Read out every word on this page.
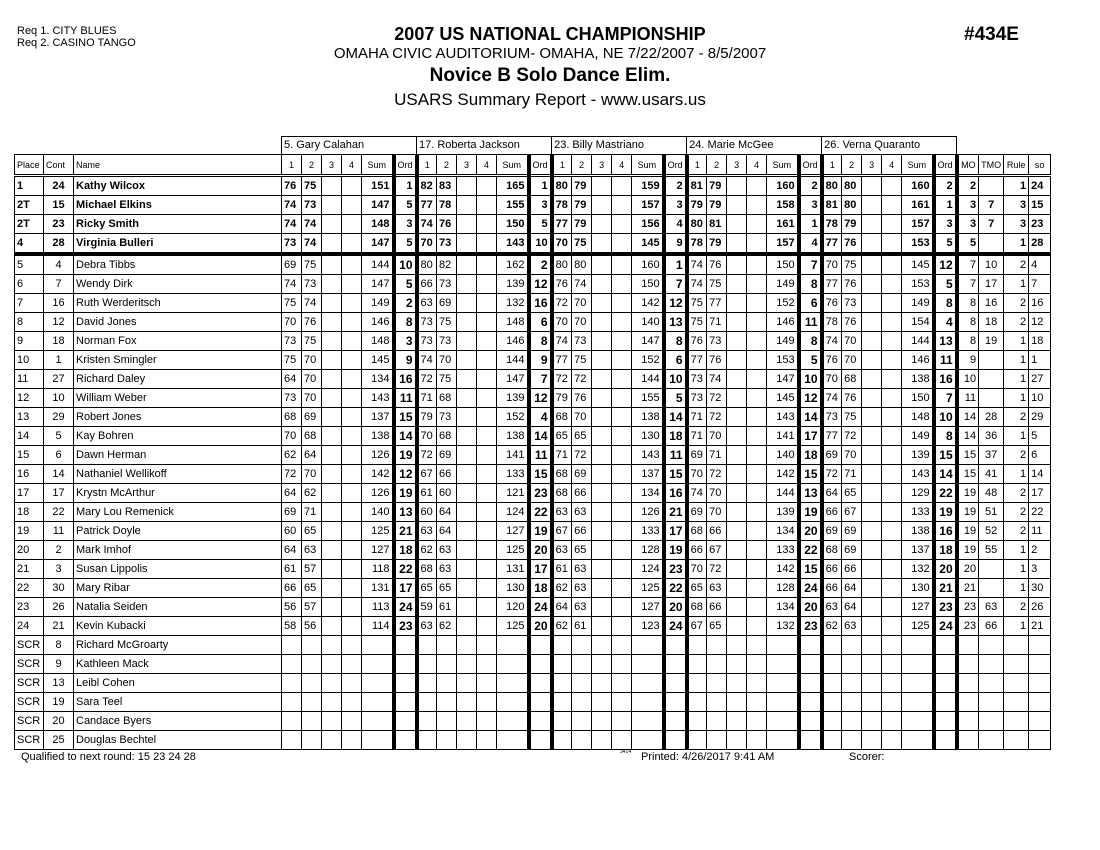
Req 1. CITY BLUES
Req 2. CASINO TANGO	2007 US NATIONAL CHAMPIONSHIP
OMAHA CIVIC AUDITORIUM- OMAHA, NE 7/22/2007 - 8/5/2007
Novice B Solo Dance Elim.
USARS Summary Report - www.usars.us
#434E
			5. Gary Calahan						17. Roberta Jackson						23. Billy Mastriano						24. Marie McGee						26. Verna Quaranto									
Place	Cont	Name	1	2	3	4	Sum	Ord	1	2	3	4	Sum	Ord	1	2	3	4	Sum	Ord	1	2	3	4	Sum	Ord	1	2	3	4	Sum	Ord	MO	TMO	Rule	so
1	24	Kathy Wilcox	76	75			151	1	82	83			165	1	80	79			159	2	81	79			160	2	80	80			160	2	2		1	24
2T	15	Michael Elkins	74	73			147	5	77	78			155	3	78	79			157	3	79	79			158	3	81	80			161	1	3	7	3	15
2T	23	Ricky Smith	74	74			148	3	74	76			150	5	77	79			156	4	80	81			161	1	78	79			157	3	3	7	3	23
4	28	Virginia Bulleri	73	74			147	5	70	73			143	10	70	75			145	9	78	79			157	4	77	76			153	5	5		1	28
5	4	Debra Tibbs	69	75			144	10	80	82			162	2	80	80			160	1	74	76			150	7	70	75			145	12	7	10	2	4
6	7	Wendy Dirk	74	73			147	5	66	73			139	12	76	74			150	7	74	75			149	8	77	76			153	5	7	17	1	7
7	16	Ruth Werderitsch	75	74			149	2	63	69			132	16	72	70			142	12	75	77			152	6	76	73			149	8	8	16	2	16
8	12	David Jones	70	76			146	8	73	75			148	6	70	70			140	13	75	71			146	11	78	76			154	4	8	18	2	12
9	18	Norman Fox	73	75			148	3	73	73			146	8	74	73			147	8	76	73			149	8	74	70			144	13	8	19	1	18
10	1	Kristen Smingler	75	70			145	9	74	70			144	9	77	75			152	6	77	76			153	5	76	70			146	11	9		1	1
11	27	Richard Daley	64	70			134	16	72	75			147	7	72	72			144	10	73	74			147	10	70	68			138	16	10		1	27
12	10	William Weber	73	70			143	11	71	68			139	12	79	76			155	5	73	72			145	12	74	76			150	7	11		1	10
13	29	Robert Jones	68	69			137	15	79	73			152	4	68	70			138	14	71	72			143	14	73	75			148	10	14	28	2	29
14	5	Kay Bohren	70	68			138	14	70	68			138	14	65	65			130	18	71	70			141	17	77	72			149	8	14	36	1	5
15	6	Dawn Herman	62	64			126	19	72	69			141	11	71	72			143	11	69	71			140	18	69	70			139	15	15	37	2	6
16	14	Nathaniel Wellikoff	72	70			142	12	67	66			133	15	68	69			137	15	70	72			142	15	72	71			143	14	15	41	1	14
17	17	Krystn McArthur	64	62			126	19	61	60			121	23	68	66			134	16	74	70			144	13	64	65			129	22	19	48	2	17
18	22	Mary Lou Remenick	69	71			140	13	60	64			124	22	63	63			126	21	69	70			139	19	66	67			133	19	19	51	2	22
19	11	Patrick Doyle	60	65			125	21	63	64			127	19	67	66			133	17	68	66			134	20	69	69			138	16	19	52	2	11
20	2	Mark Imhof	64	63			127	18	62	63			125	20	63	65			128	19	66	67			133	22	68	69			137	18	19	55	1	2
21	3	Susan Lippolis	61	57			118	22	68	63			131	17	61	63			124	23	70	72			142	15	66	66			132	20	20		1	3
22	30	Mary Ribar	66	65			131	17	65	65			130	18	62	63			125	22	65	63			128	24	66	64			130	21	21		1	30
23	26	Natalia Seiden	56	57			113	24	59	61			120	24	64	63			127	20	68	66			134	20	63	64			127	23	23	63	2	26
24	21	Kevin Kubacki	58	56			114	23	63	62			125	20	62	61			123	24	67	65			132	23	62	63			125	24	23	66	1	21
SCR	8	Richard McGroarty																																		
SCR	9	Kathleen Mack																																		
SCR	13	Leibl Cohen																																		
SCR	19	Sara Teel																																		
SCR	20	Candace Byers																																		
SCR	25	Douglas Bechtel																																		
Qualified to next round: 15 23 24 28	3414 Printed: 4/26/2017 9:41 AM	Scorer:
